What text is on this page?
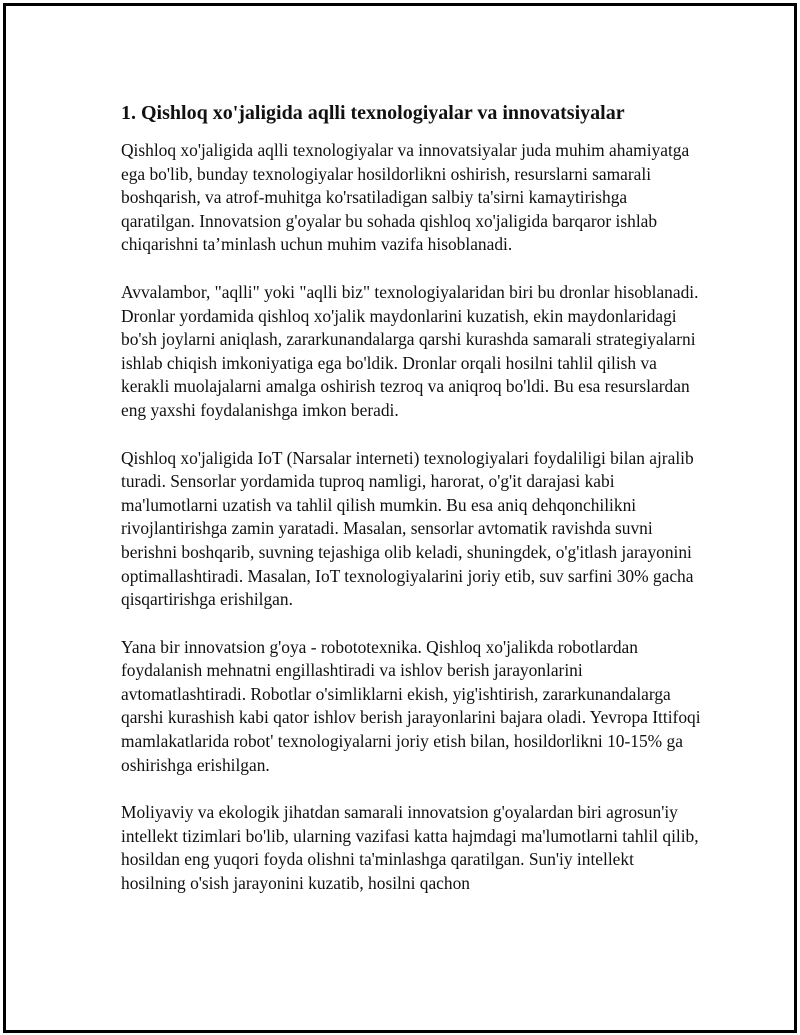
1. Qishloq xo'jaligida aqlli texnologiyalar va innovatsiyalar

Qishloq xo'jaligida aqlli texnologiyalar va innovatsiyalar juda muhim ahamiyatga ega bo'lib, bunday texnologiyalar hosildorlikni oshirish, resurslarni samarali boshqarish, va atrof-muhitga ko'rsatiladigan salbiy ta'sirni kamaytirishga qaratilgan. Innovatsion g'oyalar bu sohada qishloq xo'jaligida barqaror ishlab chiqarishni ta’minlash uchun muhim vazifa hisoblanadi.

Avvalambor, "aqlli" yoki "aqlli biz" texnologiyalaridan biri bu dronlar hisoblanadi. Dronlar yordamida qishloq xo'jalik maydonlarini kuzatish, ekin maydonlaridagi bo'sh joylarni aniqlash, zararkunandalarga qarshi kurashda samarali strategiyalarni ishlab chiqish imkoniyatiga ega bo'ldik. Dronlar orqali hosilni tahlil qilish va kerakli muolajalarni amalga oshirish tezroq va aniqroq bo'ldi. Bu esa resurslardan eng yaxshi foydalanishga imkon beradi.

Qishloq xo'jaligida IoT (Narsalar interneti) texnologiyalari foydaliligi bilan ajralib turadi. Sensorlar yordamida tuproq namligi, harorat, o'g'it darajasi kabi ma'lumotlarni uzatish va tahlil qilish mumkin. Bu esa aniq dehqonchilikni rivojlantirishga zamin yaratadi. Masalan, sensorlar avtomatik ravishda suvni berishni boshqarib, suvning tejashiga olib keladi, shuningdek, o'g'itlash jarayonini optimallashtiradi. Masalan, IoT texnologiyalarini joriy etib, suv sarfini 30% gacha qisqartirishga erishilgan.

Yana bir innovatsion g'oya - robototexnika. Qishloq xo'jalikda robotlardan foydalanish mehnatni engillashtiradi va ishlov berish jarayonlarini avtomatlashtiradi. Robotlar o'simliklarni ekish, yig'ishtirish, zararkunandalarga qarshi kurashish kabi qator ishlov berish jarayonlarini bajara oladi. Yevropa Ittifoqi mamlakatlarida robot' texnologiyalarni joriy etish bilan, hosildorlikni 10-15% ga oshirishga erishilgan.

Moliyaviy va ekologik jihatdan samarali innovatsion g'oyalardan biri agrosun'iy intellekt tizimlari bo'lib, ularning vazifasi katta hajmdagi ma'lumotlarni tahlil qilib, hosildan eng yuqori foyda olishni ta'minlashga qaratilgan. Sun'iy intellekt hosilning o'sish jarayonini kuzatib, hosilni qachon
